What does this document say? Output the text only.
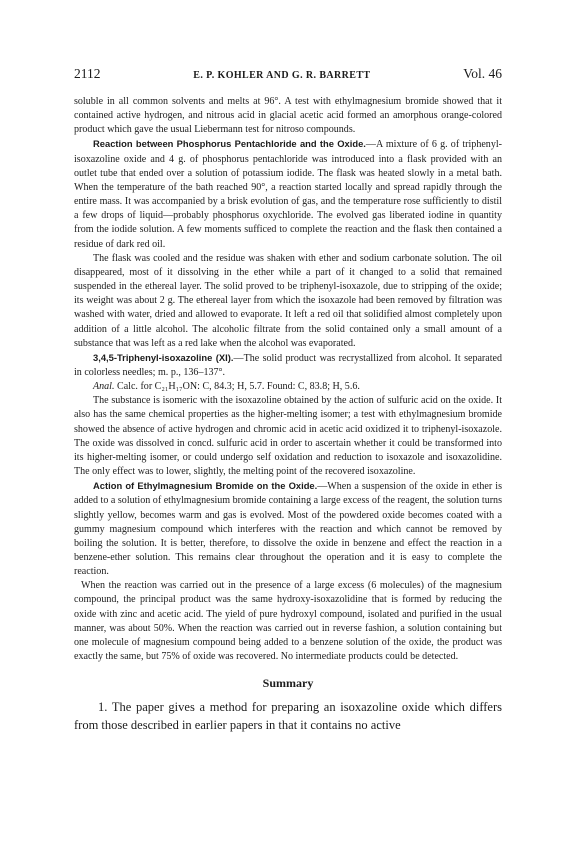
2112	E. P. KOHLER AND G. R. BARRETT	Vol. 46

soluble in all common solvents and melts at 96°. A test with ethylmagnesium bromide showed that it contained active hydrogen, and nitrous acid in glacial acetic acid formed an amorphous orange-colored product which gave the usual Liebermann test for nitroso compounds.

Reaction between Phosphorus Pentachloride and the Oxide.—A mixture of 6 g. of triphenyl-isoxazoline oxide and 4 g. of phosphorus pentachloride was introduced into a flask provided with an outlet tube that ended over a solution of potassium iodide. The flask was heated slowly in a metal bath. When the temperature of the bath reached 90°, a reaction started locally and spread rapidly through the entire mass. It was accompanied by a brisk evolution of gas, and the temperature rose sufficiently to distil a few drops of liquid—probably phosphorus oxychloride. The evolved gas liberated iodine in quantity from the iodide solution. A few moments sufficed to complete the reaction and the flask then contained a residue of dark red oil.

The flask was cooled and the residue was shaken with ether and sodium carbonate solution. The oil disappeared, most of it dissolving in the ether while a part of it changed to a solid that remained suspended in the ethereal layer. The solid proved to be triphenyl-isoxazole, due to stripping of the oxide; its weight was about 2 g. The ethereal layer from which the isoxazole had been removed by filtration was washed with water, dried and allowed to evaporate. It left a red oil that solidified almost completely upon addition of a little alcohol. The alcoholic filtrate from the solid contained only a small amount of a substance that was left as a red lake when the alcohol was evaporated.

3,4,5-Triphenyl-isoxazoline (XI).—The solid product was recrystallized from alcohol. It separated in colorless needles; m. p., 136–137°.

Anal. Calc. for C₂₁H₁₇ON: C, 84.3; H, 5.7. Found: C, 83.8; H, 5.6.

The substance is isomeric with the isoxazoline obtained by the action of sulfuric acid on the oxide. It also has the same chemical properties as the higher-melting isomer; a test with ethylmagnesium bromide showed the absence of active hydrogen and chromic acid in acetic acid oxidized it to triphenyl-isoxazole. The oxide was dissolved in concd. sulfuric acid in order to ascertain whether it could be transformed into its higher-melting isomer, or could undergo self oxidation and reduction to isoxazole and isoxazolidine. The only effect was to lower, slightly, the melting point of the recovered isoxazoline.

Action of Ethylmagnesium Bromide on the Oxide.—When a suspension of the oxide in ether is added to a solution of ethylmagnesium bromide containing a large excess of the reagent, the solution turns slightly yellow, becomes warm and gas is evolved. Most of the powdered oxide becomes coated with a gummy magnesium compound which interferes with the reaction and which cannot be removed by boiling the solution. It is better, therefore, to dissolve the oxide in benzene and effect the reaction in a benzene-ether solution. This remains clear throughout the operation and it is easy to complete the reaction.

When the reaction was carried out in the presence of a large excess (6 molecules) of the magnesium compound, the principal product was the same hydroxy-isoxazolidine that is formed by reducing the oxide with zinc and acetic acid. The yield of pure hydroxyl compound, isolated and purified in the usual manner, was about 50%. When the reaction was carried out in reverse fashion, a solution containing but one molecule of magnesium compound being added to a benzene solution of the oxide, the product was exactly the same, but 75% of oxide was recovered. No intermediate products could be detected.

Summary

1. The paper gives a method for preparing an isoxazoline oxide which differs from those described in earlier papers in that it contains no active
